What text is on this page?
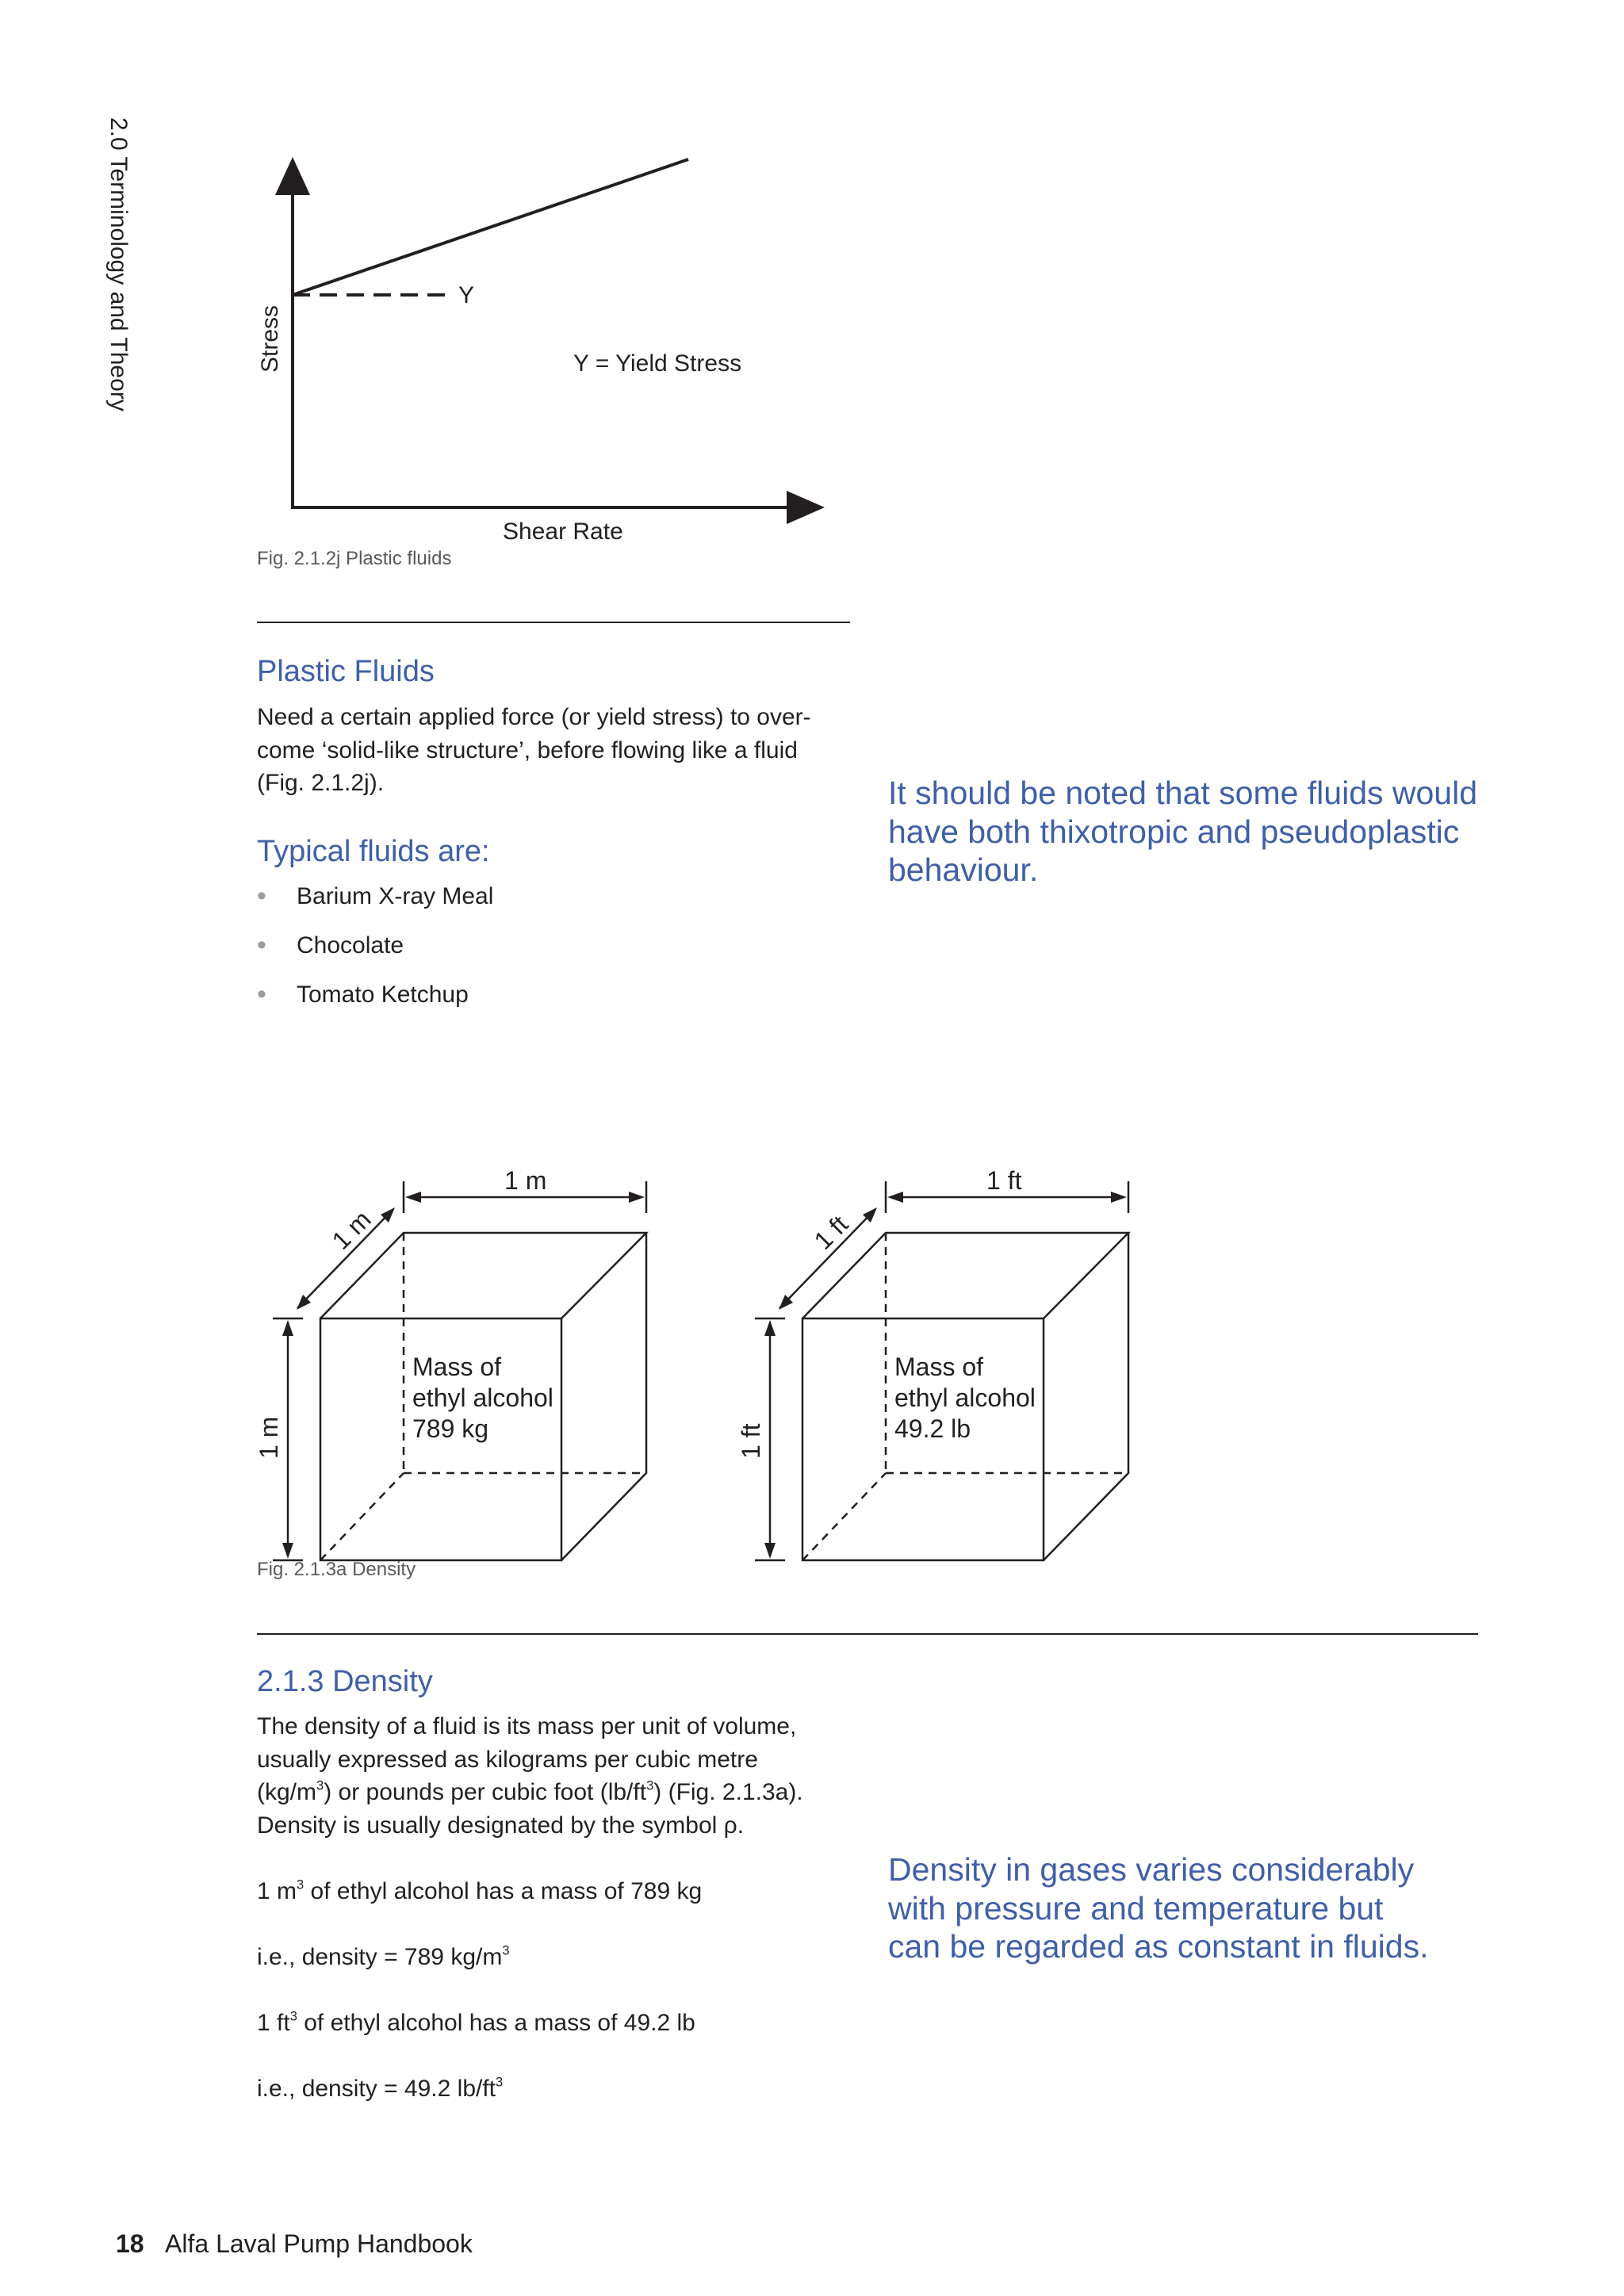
2.0 Terminology and Theory	Y
Y = Yield Stress
Shear Rate
Stress
Fig. 2.1.2j Plastic fluids
Plastic Fluids

Need a certain applied force (or yield stress) to over-

come ‘solid-like structure’, before flowing like a fluid

(Fig. 2.1.2j).

Typical fluids are:
• Barium X-ray Meal
• Chocolate
• Tomato Ketchup
It should be noted that some fluids would
have both thixotropic and pseudoplastic
behaviour.
1 m
1 m
1 m
Mass of
ethyl alcohol
789 kg
1 ft
1 ft
1 ft
Mass of
ethyl alcohol
49.2 lb
Fig. 2.1.3a Density
2.1.3 Density

The density of a fluid is its mass per unit of volume,

usually expressed as kilograms per cubic metre

$(kg/m^3)$ or pounds per cubic foot $(lb/ft^3)$ (Fig. 2.1.3a).

Density is usually designated by the symbol ρ.

1 $m^3$ of ethyl alcohol has a mass of 789 kg

i.e., density = 789 $kg/m^3$

1 $ft^3$ of ethyl alcohol has a mass of 49.2 lb

i.e., density = 49.2 $lb/ft^3$

Density in gases varies considerably
with pressure and temperature but
can be regarded as constant in fluids.
18 Alfa Laval Pump Handbook
